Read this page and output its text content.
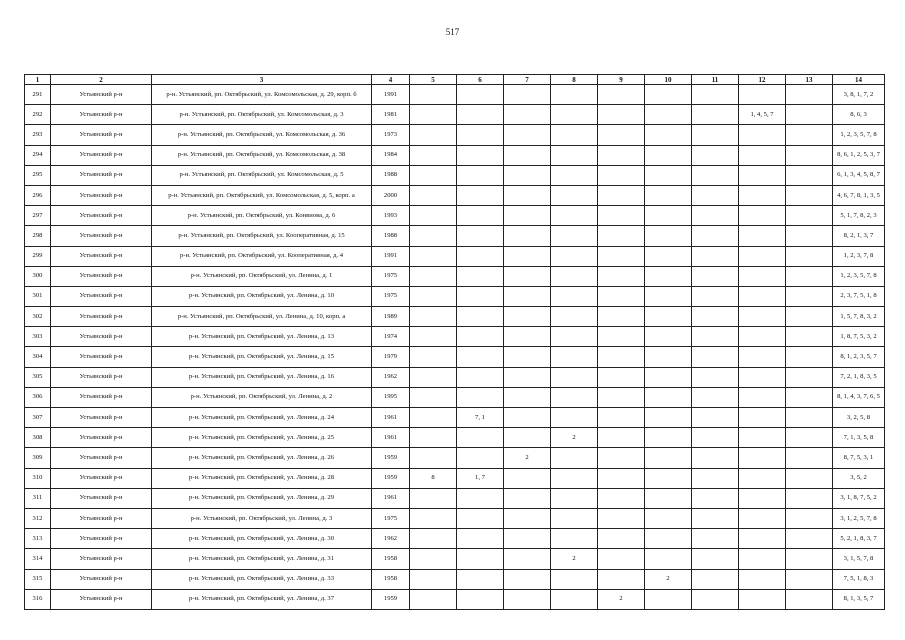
517
1	2	3	4	5	6	7	8	9	10	11	12	13	14
291	Устьянский р-н	р-н. Устьянский, рп. Октябрьский, ул. Комсомольская, д. 29, корп. б	1991										3, 8, 1, 7, 2
292	Устьянский р-н	р-н. Устьянский, рп. Октябрьский, ул. Комсомольская, д. 3	1981								1, 4, 5, 7		8, 6, 3
293	Устьянский р-н	р-н. Устьянский, рп. Октябрьский, ул. Комсомольская, д. 36	1973										1, 2, 3, 5, 7, 8
294	Устьянский р-н	р-н. Устьянский, рп. Октябрьский, ул. Комсомольская, д. 38	1984										8, 6, 1, 2, 5, 3, 7
295	Устьянский р-н	р-н. Устьянский, рп. Октябрьский, ул. Комсомольская, д. 5	1988										6, 1, 3, 4, 5, 8, 7
296	Устьянский р-н	р-н. Устьянский, рп. Октябрьский, ул. Комсомольская, д. 5, корп. а	2000										4, 6, 7, 8, 1, 3, 5
297	Устьянский р-н	р-н. Устьянский, рп. Октябрьский, ул. Конвиова, д. 6	1993										5, 1, 7, 8, 2, 3
298	Устьянский р-н	р-н. Устьянский, рп. Октябрьский, ул. Кооперативная, д. 15	1988										8, 2, 1, 3, 7
299	Устьянский р-н	р-н. Устьянский, рп. Октябрьский, ул. Кооперативная, д. 4	1991										1, 2, 3, 7, 8
300	Устьянский р-н	р-н. Устьянский, рп. Октябрьский, ул. Ленина, д. 1	1975										1, 2, 3, 5, 7, 8
301	Устьянский р-н	р-н. Устьянский, рп. Октябрьский, ул. Ленина, д. 10	1975										2, 3, 7, 5, 1, 8
302	Устьянский р-н	р-н. Устьянский, рп. Октябрьский, ул. Ленина, д. 10, корп. а	1989										1, 5, 7, 8, 3, 2
303	Устьянский р-н	р-н. Устьянский, рп. Октябрьский, ул. Ленина, д. 13	1974										1, 8, 7, 5, 3, 2
304	Устьянский р-н	р-н. Устьянский, рп. Октябрьский, ул. Ленина, д. 15	1979										8, 1, 2, 3, 5, 7
305	Устьянский р-н	р-н. Устьянский, рп. Октябрьский, ул. Ленина, д. 16	1962										7, 2, 1, 8, 3, 5
306	Устьянский р-н	р-н. Устьянский, рп. Октябрьский, ул. Ленина, д. 2	1995										8, 1, 4, 3, 7, 6, 5
307	Устьянский р-н	р-н. Устьянский, рп. Октябрьский, ул. Ленина, д. 24	1961		7, 1								3, 2, 5, 8
308	Устьянский р-н	р-н. Устьянский, рп. Октябрьский, ул. Ленина, д. 25	1961				2						7, 1, 3, 5, 8
309	Устьянский р-н	р-н. Устьянский, рп. Октябрьский, ул. Ленина, д. 26	1959			2							8, 7, 5, 3, 1
310	Устьянский р-н	р-н. Устьянский, рп. Октябрьский, ул. Ленина, д. 28	1959	8	1, 7								3, 5, 2
311	Устьянский р-н	р-н. Устьянский, рп. Октябрьский, ул. Ленина, д. 29	1961										3, 1, 8, 7, 5, 2
312	Устьянский р-н	р-н. Устьянский, рп. Октябрьский, ул. Ленина, д. 3	1975										3, 1, 2, 5, 7, 8
313	Устьянский р-н	р-н. Устьянский, рп. Октябрьский, ул. Ленина, д. 30	1962										5, 2, 1, 8, 3, 7
314	Устьянский р-н	р-н. Устьянский, рп. Октябрьский, ул. Ленина, д. 31	1958				2						3, 1, 5, 7, 8
315	Устьянский р-н	р-н. Устьянский, рп. Октябрьский, ул. Ленина, д. 33	1958						2				7, 5, 1, 8, 3
316	Устьянский р-н	р-н. Устьянский, рп. Октябрьский, ул. Ленина, д. 37	1959					2					8, 1, 3, 5, 7
